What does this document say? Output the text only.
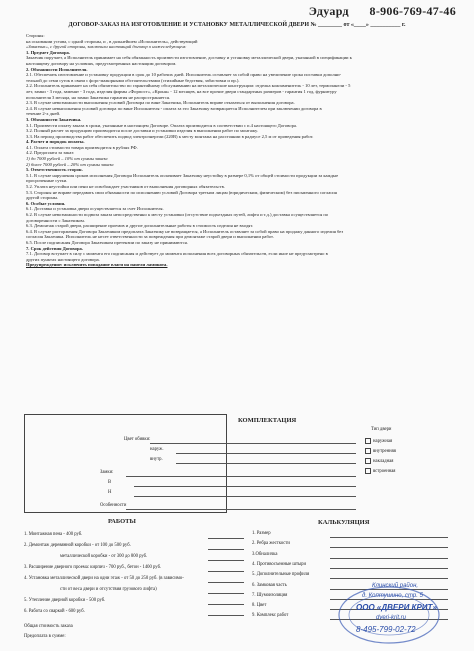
Эдуард 8-906-769-47-46
ДОГОВОР-ЗАКАЗ НА ИЗГОТОВЛЕНИЕ И УСТАНОВКУ МЕТАЛЛИЧЕСКОЙ ДВЕРИ № ________ от «____» __________ г.
Стороны:
на основании устава, с одной стороны, и , в дальнейшем «Исполнитель», действующий
«Заказчик», с другой стороны, заключили настоящий договор о нижеследующем:
1. Предмет Договора.
Заказчик поручает, а Исполнитель принимает на себя обязанность произвести изготовление, доставку и установку металлической двери, указанной в спецификации к
настоящему договору на условиях, предусмотренных настоящим договором.
2. Обязанности Исполнителя.
2.1. Обеспечить изготовление и установку продукции в срок до 10 рабочих дней. Исполнитель оставляет за собой право на увеличение срока поставки дополни-
тельной до семи суток в связи с форс-мажорными обстоятельствами (стихийные бедствия, забастовки и пр.).
2.2. Исполнитель принимает на себя обязательство по гарантийному обслуживанию на металлические конструкции: отделка кожзаменитель - 10 лет, термопанели - 5
лет, замки - 3 года, заменят - 3 года, изделия фирмы «Форпост», «Кроня» - 12 месяцев, на все прочие двери стандартных размеров - гарантия 1 год, фурнитуру
исполнителя 3 месяца, на замки Заказчика гарантия не распространяется.
2.3. В случае невозможности выполнения условий Договора по вине Заказчика, Исполнитель вправе отказаться от выполнения договора.
2.4. В случае невыполнения условий договора по вине Исполнителя - оплата за это Заказчику возвращается Исполнителем при заключении договора в
течение 2-х дней.
3. Обязанности Заказчика.
3.1. Произвести оплату заказа в сроки, указанные в настоящем Договоре. Оплата производится в соответствии с п.4 настоящего Договора.
3.2. Полный расчет за продукцию производится после доставки и установки изделия в выполнении работ по монтажу.
3.3. На период производства работ обеспечить подвод электроэнергии (220В) к месту монтажа на расстоянии в радиусе 2,5 м от проведения работ.
4. Расчет и порядок оплаты.
4.1. Оплата стоимости товара производится в рублях РФ.
4.2. Предоплата за заказ:
1) до 7000 рублей – 10% от суммы заказа
2) более 7000 рублей – 20% от суммы заказа
5. Ответственность сторон.
5.1. В случае нарушения сроков исполнения Договора Исполнитель оплачивает Заказчику неустойку в размере 0,1% от общей стоимости продукции за каждые
просроченные сутки.
5.2. Уплата неустойки или пени не освобождает участников от выполнения договорных обязательств.
5.3. Стороны не вправе передавать свои обязанности по исполнению условий Договора третьим лицам (юридическим, физическим) без письменного согласия
другой стороны.
6. Особые условия.
6.1. Доставка и установка двери осуществляется за счет Исполнителя.
6.2. В случае невозможности подвоза заказа непосредственно к месту установки (отсутствие подъездных путей, лифта и т.д.) доставка осуществляется по
договоренности с Заказчиком.
6.3. Демонтаж старой двери, расширение проемов и другие дополнительные работы в стоимость изделия не входят.
6.4. В случае расторжения Договора Заказчиком предоплата Заказчику не возвращается, а Исполнитель оставляет за собой право на продажу данного изделия без
согласия Заказчика. Исполнитель не несет ответственности за повреждения при демонтаже старой двери и выполнении работ.
6.5. После подписания Договора Заказчиком претензии по заказу не принимаются.
7. Срок действия Договора.
7.1. Договор вступает в силу с момента его подписания и действует до момента исполнения всех договорных обязательств, если иное не предусмотрено в
других пунктах настоящего договора.
Предупреждение: исключить попадание влаги на панели ламината.
КОМПЛЕКТАЦИЯ
Цвет обивки:
наруж.
внутр.
Замки:
В
Н
Особенности
Тип двери
наружная
внутренняя
накладная
встроенная
РАБОТЫ
1. Монтажная пена - 400 руб.
2. Демонтаж деревянной коробки - от 100 до 500 руб.
металлической коробки - от 300 до 800 руб.
3. Расширение дверного проема: кирпич - 700 руб., бетон - 1400 руб.
4. Установка металлической двери на одни этаж - от 50 до 250 руб. (в зависимо-
сти от веса двери и отсутствия грузового лифта)
5. Утепление дверной коробки - 500 руб.
6. Работа со сваркой - 600 руб.
КАЛЬКУЛЯЦИЯ
1. Размер
2. Ребра жесткости
3.Обналичка
4. Противосъемные штыри
5. Дополнительные профиля
6. Замковая часть
7. Шумоизоляция
8. Цвет
9. Комплекс работ
Общая стоимость заказа
Предоплата в сумме:
Клинский район,
д. Коптушино, стр. 5
ООО «ДВЕРИ КРИТ»
dveri-krit.ru
8-495-799-02-72
